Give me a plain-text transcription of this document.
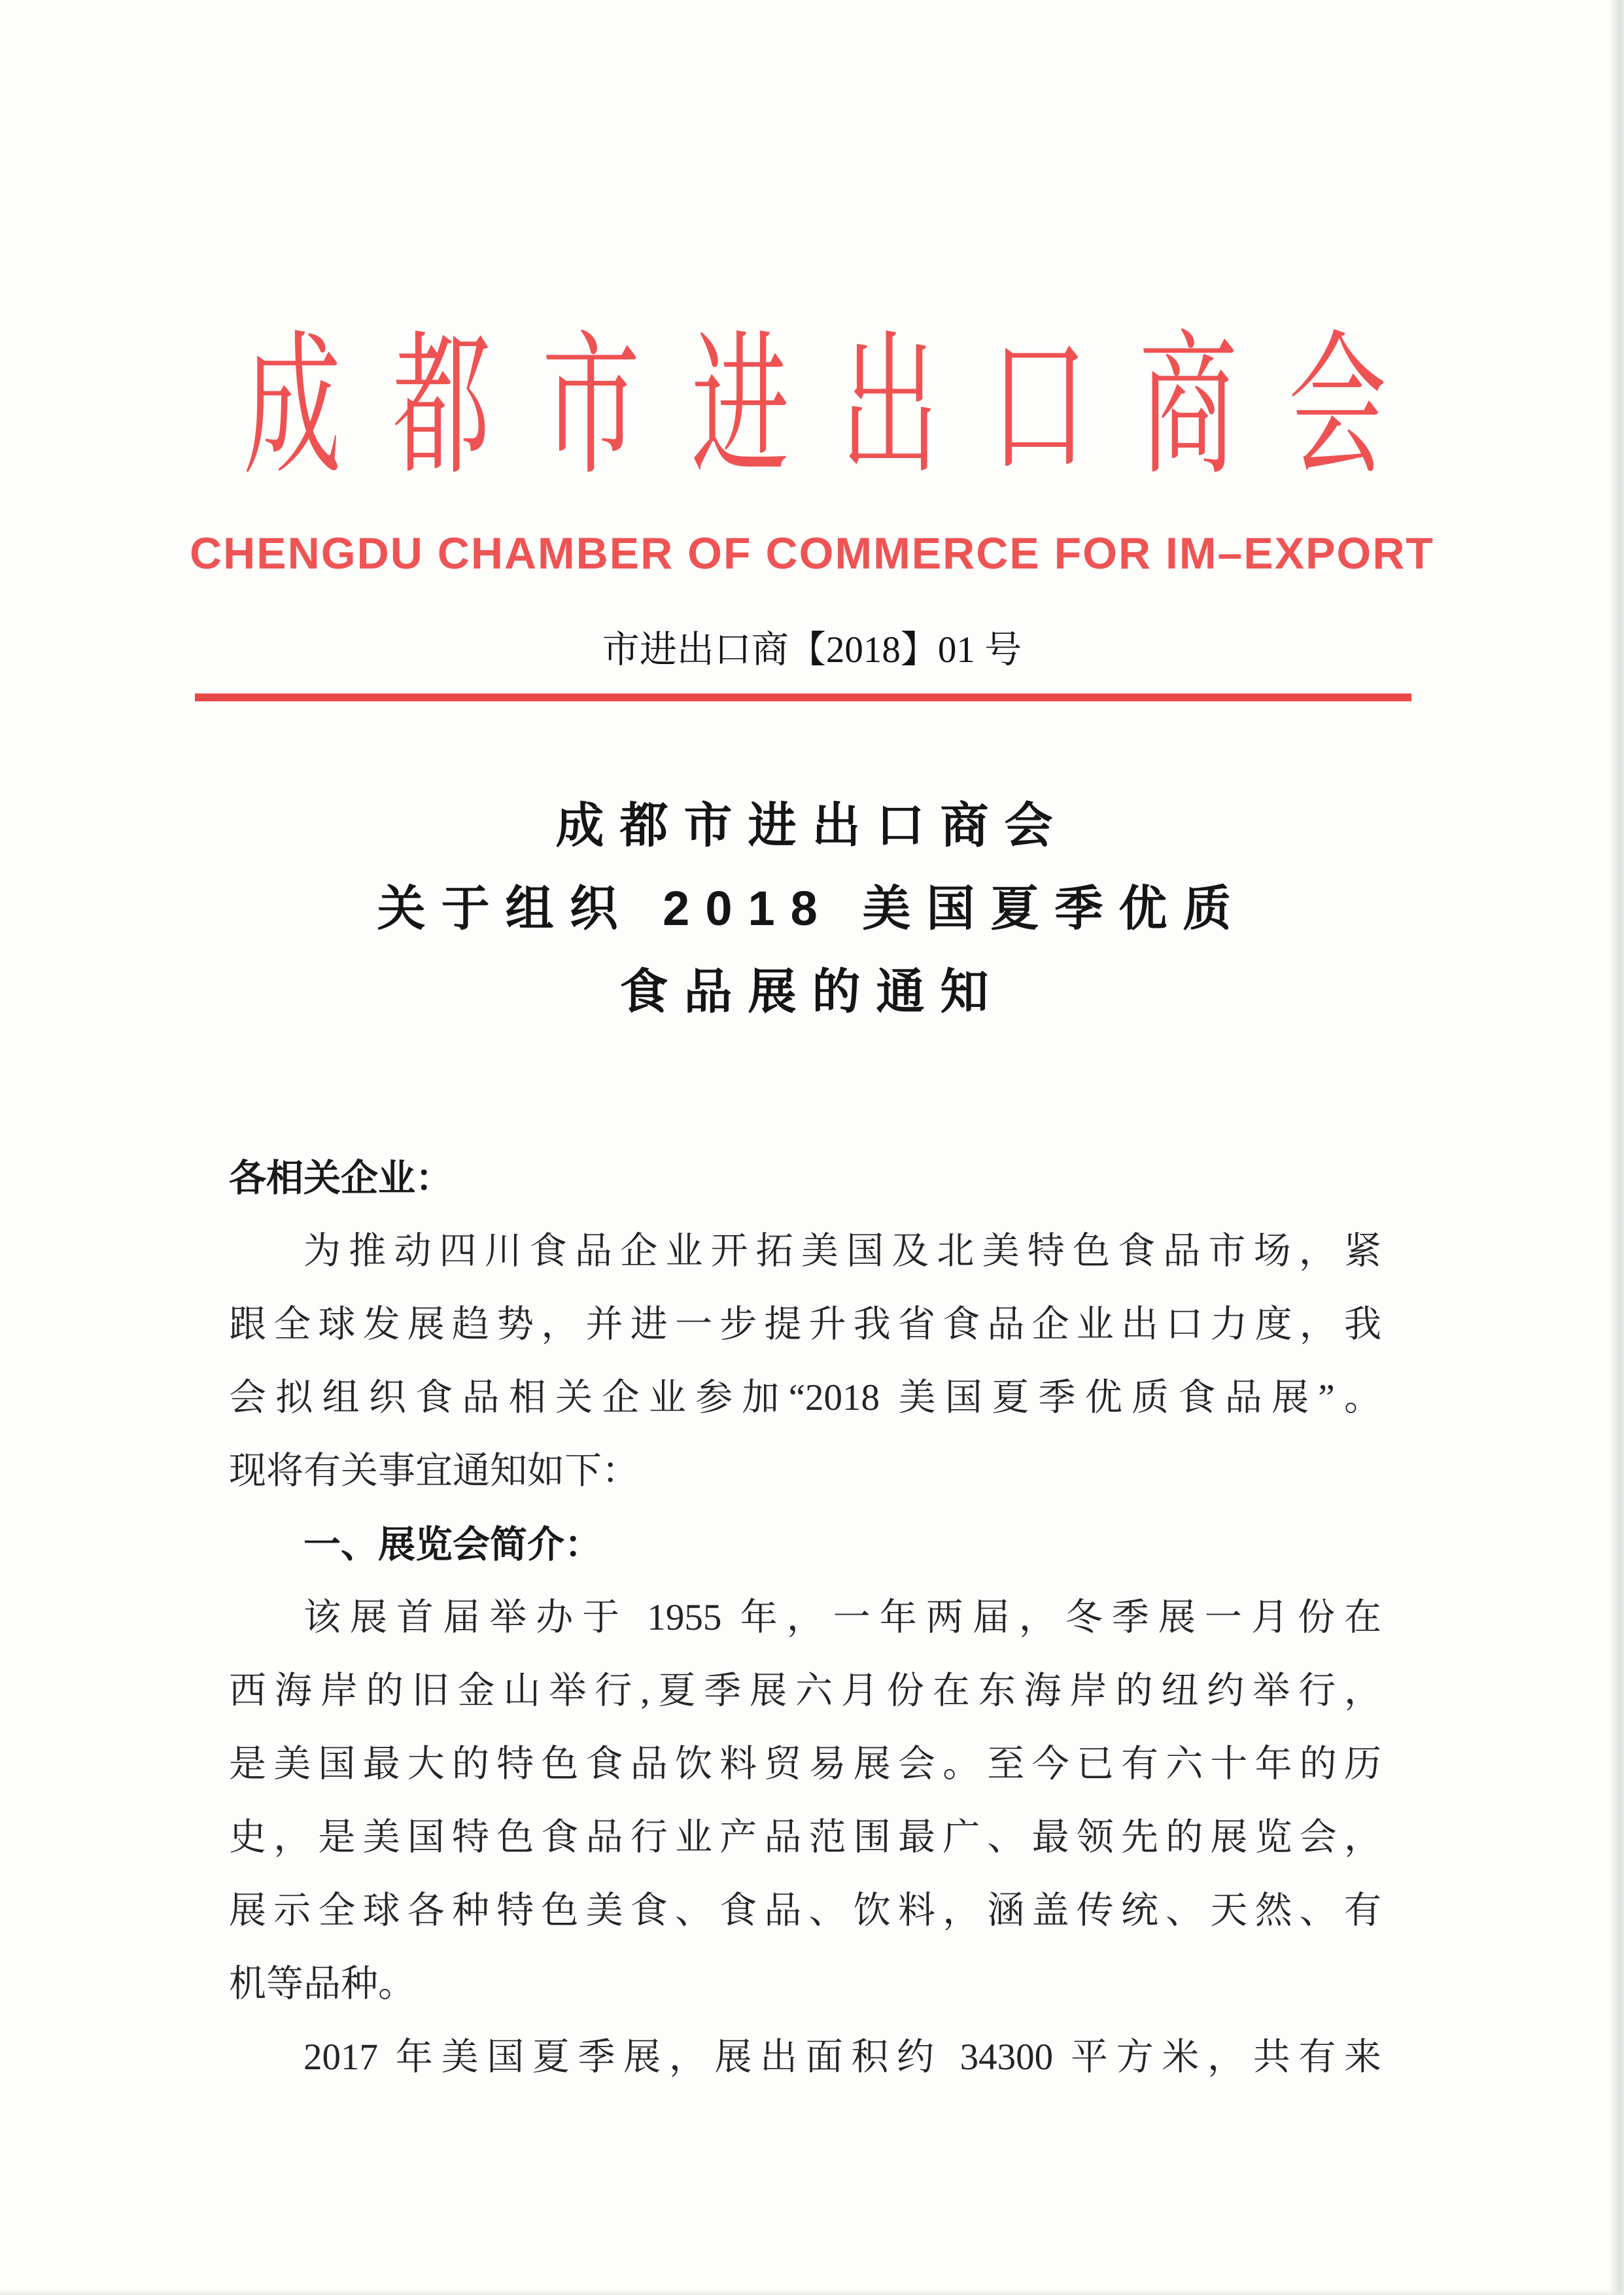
成 都 市 进 出 口 商 会
CHENGDU CHAMBER OF COMMERCE FOR IM–EXPORT
市进出口商【2018】01 号
成都市进出口商会
关于组织 2018 美国夏季优质
食品展的通知
各相关企业：
为推动四川食品企业开拓美国及北美特色食品市场，紧
跟全球发展趋势，并进一步提升我省食品企业出口力度，我
会拟组织食品相关企业参加“2018 美国夏季优质食品展”。
现将有关事宜通知如下：
一、展览会简介：
该展首届举办于 1955 年，一年两届，冬季展一月份在
西海岸的旧金山举行,夏季展六月份在东海岸的纽约举行，
是美国最大的特色食品饮料贸易展会。至今已有六十年的历
史，是美国特色食品行业产品范围最广、最领先的展览会，
展示全球各种特色美食、食品、饮料，涵盖传统、天然、有
机等品种。
2017 年美国夏季展，展出面积约 34300 平方米，共有来
